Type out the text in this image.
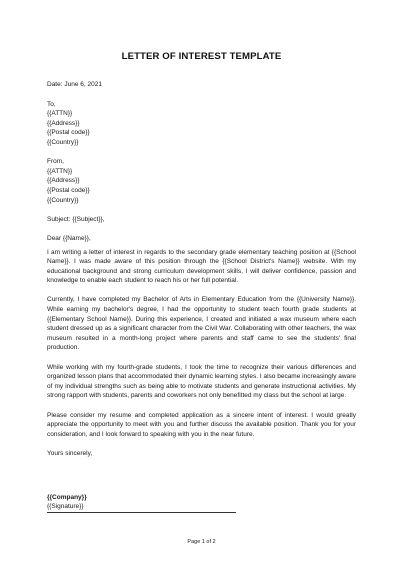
LETTER OF INTEREST TEMPLATE
Date: June 6, 2021
To,
{{ATTN}}
{{Address}}
{{Postal code}}
{{Country}}
From,
{{ATTN}}
{{Address}}
{{Postal code}}
{{Country}}
Subject: {{Subject}},
Dear {{Name}},

I am writing a letter of interest in regards to the secondary grade elementary teaching position at {{School Name}}. I was made aware of this position through the {{School District's Name}} website. With my educational background and strong curriculum development skills, I will deliver confidence, passion and knowledge to enable each student to reach his or her full potential.

Currently, I have completed my Bachelor of Arts in Elementary Education from the {{University Name}}. While earning my bachelor's degree, I had the opportunity to student teach fourth grade students at {{Elementary School Name}}. During this experience, I created and initiated a wax museum where each student dressed up as a significant character from the Civil War. Collaborating with other teachers, the wax museum resulted in a month-long project where parents and staff came to see the students' final production.

While working with my fourth-grade students, I took the time to recognize their various differences and organized lesson plans that accommodated their dynamic learning styles. I also became increasingly aware of my individual strengths such as being able to motivate students and generate instructional activities. My strong rapport with students, parents and coworkers not only benefitted my class but the school at large.

Please consider my resume and completed application as a sincere intent of interest. I would greatly appreciate the opportunity to meet with you and further discuss the available position. Thank you for your consideration, and I look forward to speaking with you in the near future.

Yours sincerely,
{{Company}}
{{Signature}}
Page 1 of 2
